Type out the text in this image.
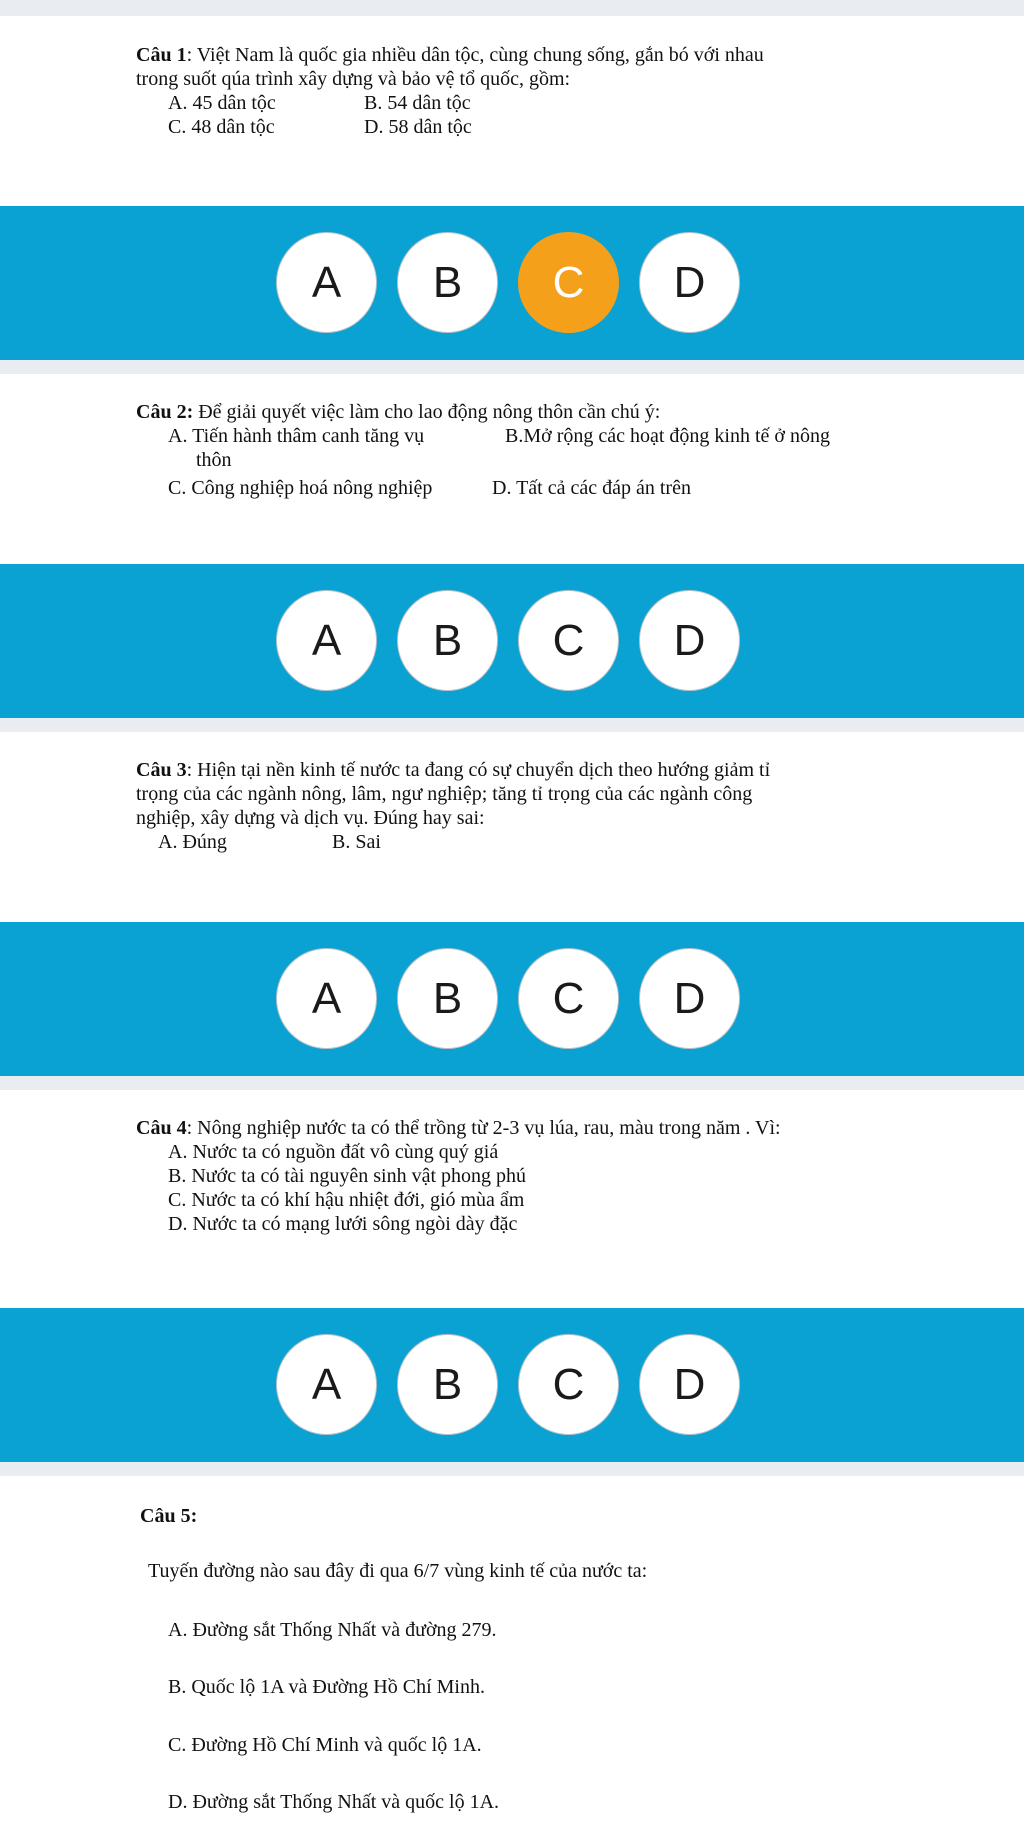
Câu 1: Việt Nam là quốc gia nhiều dân tộc, cùng chung sống, gắn bó với nhau
trong suốt qúa trình xây dựng và bảo vệ tổ quốc, gồm:
A. 45 dân tộc	B. 54 dân tộc
C. 48 dân tộc	D. 58 dân tộc
A	B	C	D
Câu 2: Để giải quyết việc làm cho lao động nông thôn cần chú ý:
A. Tiến hành thâm canh tăng vụ	B.Mở rộng các hoạt động kinh tế ở nông
thôn
C. Công nghiệp hoá nông nghiệp	D. Tất cả các đáp án trên
A	B	C	D
Câu 3: Hiện tại nền kinh tế nước ta đang có sự chuyển dịch theo hướng giảm tỉ
trọng của các ngành nông, lâm, ngư nghiệp; tăng tỉ trọng của các ngành công
nghiệp, xây dựng và dịch vụ. Đúng hay sai:
A. Đúng	B. Sai
A	B	C	D
Câu 4: Nông nghiệp nước ta có thể trồng từ 2-3 vụ lúa, rau, màu trong năm . Vì:
A. Nước ta có nguồn đất vô cùng quý giá
B. Nước ta có tài nguyên sinh vật phong phú
C. Nước ta có khí hậu nhiệt đới, gió mùa ẩm
D. Nước ta có mạng lưới sông ngòi dày đặc
A	B	C	D
Câu 5:
Tuyến đường nào sau đây đi qua 6/7 vùng kinh tế của nước ta:
A. Đường sắt Thống Nhất và đường 279.
B. Quốc lộ 1A và Đường Hồ Chí Minh.
C. Đường Hồ Chí Minh và quốc lộ 1A.
D. Đường sắt Thống Nhất và quốc lộ 1A.
